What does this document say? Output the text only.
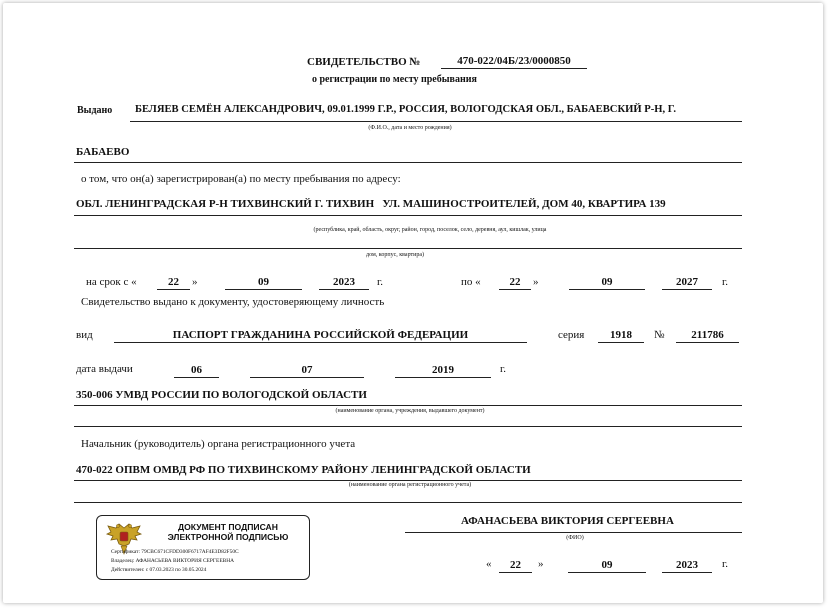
СВИДЕТЕЛЬСТВО №	470-022/04Б/23/0000850
о регистрации по месту пребывания
Выдано БЕЛЯЕВ СЕМЁН АЛЕКСАНДРОВИЧ, 09.01.1999 Г.Р., РОССИЯ, ВОЛОГОДСКАЯ ОБЛ., БАБАЕВСКИЙ Р-Н, Г.
(Ф.И.О., дата и место рождения)
БАБАЕВО
о том, что он(а) зарегистрирован(а) по месту пребывания по адресу:
ОБЛ. ЛЕНИНГРАДСКАЯ Р-Н ТИХВИНСКИЙ Г. ТИХВИН   УЛ. МАШИНОСТРОИТЕЛЕЙ, ДОМ 40, КВАРТИРА 139
(республика, край, область, округ, район, город, поселок, село, деревня, аул, кишлак, улица
дом, корпус, квартира)
на срок с «	22	»	09	2023	г.	по «	22	»	09	2027	г.
Свидетельство выдано к документу, удостоверяющему личность
вид	ПАСПОРТ ГРАЖДАНИНА РОССИЙСКОЙ ФЕДЕРАЦИИ	серия	1918	№	211786
дата выдачи	06	07	2019	г.
350-006 УМВД РОССИИ ПО ВОЛОГОДСКОЙ ОБЛАСТИ
(наименование органа, учреждения, выдавшего документ)
Начальник (руководитель) органа регистрационного учета
470-022 ОПВМ ОМВД РФ ПО ТИХВИНСКОМУ РАЙОНУ ЛЕНИНГРАДСКОЙ ОБЛАСТИ
(наименование органа регистрационного учета)
ДОКУМЕНТ ПОДПИСАН
ЭЛЕКТРОННОЙ ПОДПИСЬЮ
Сертификат: 79CBC671CFDD300F6717AF4E3D82F50C
Владелец: АФАНАСЬЕВА ВИКТОРИЯ СЕРГЕЕВНА
Действителен: с 07.03.2023 по 30.05.2024
АФАНАСЬЕВА ВИКТОРИЯ СЕРГЕЕВНА
(ФИО)
«	22	»	09	2023	г.
